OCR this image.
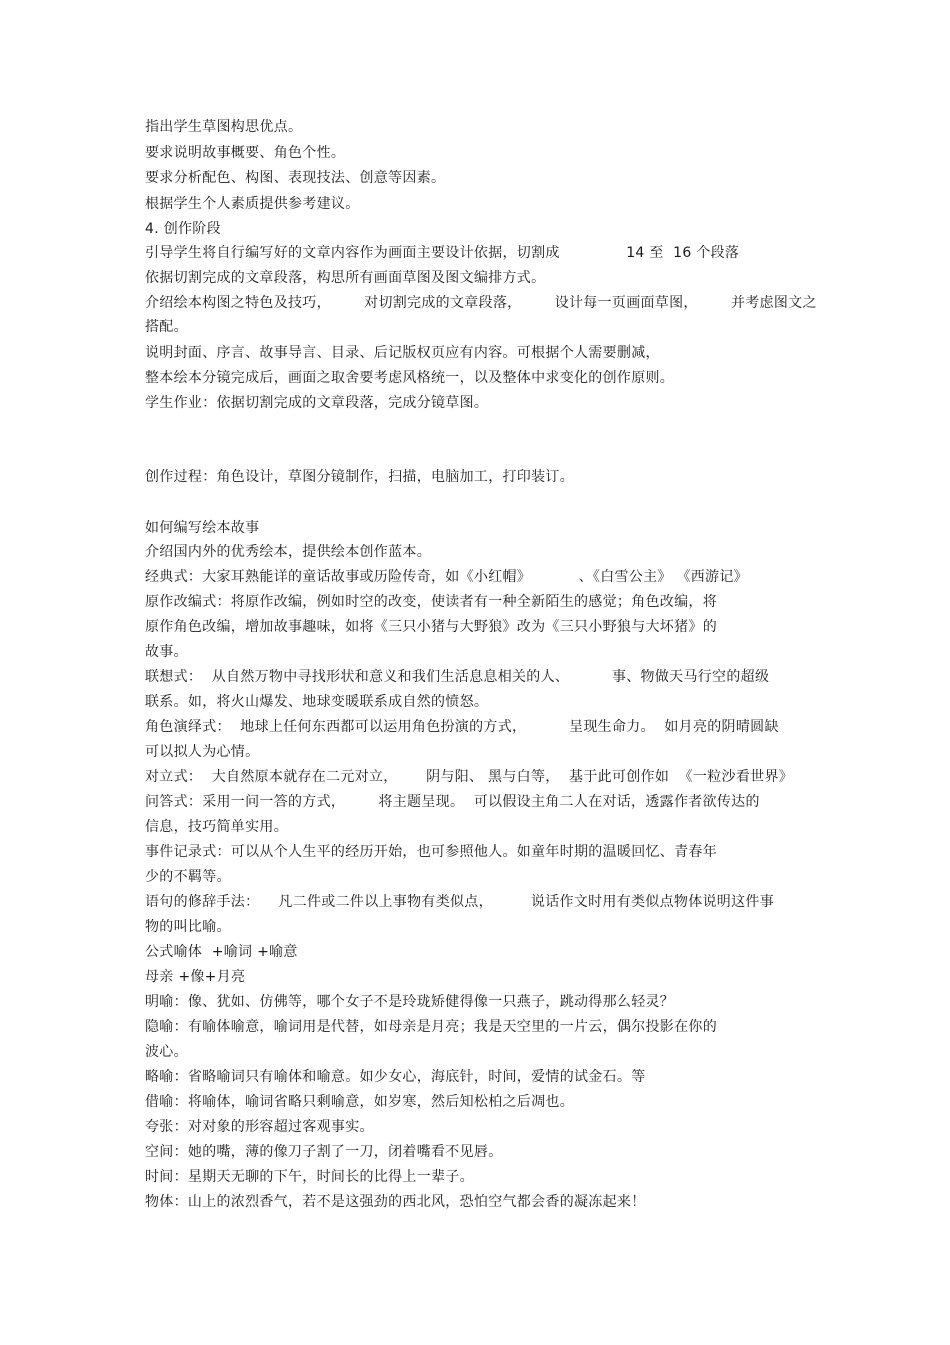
指出学生草图构思优点。
要求说明故事概要、角色个性。
要求分析配色、构图、表现技法、创意等因素。
根据学生个人素质提供参考建议。
4. 创作阶段
引导学生将自行编写好的文章内容作为画面主要设计依据，切割成              14 至  16 个段落
依据切割完成的文章段落，构思所有画面草图及图文编排方式。
介绍绘本构图之特色及技巧，       对切割完成的文章段落，       设计每一页画面草图，       并考虑图文之
搭配。
说明封面、序言、故事导言、目录、后记版权页应有内容。可根据个人需要删减，
整本绘本分镜完成后，画面之取舍要考虑风格统一，以及整体中求变化的创作原则。
学生作业：依据切割完成的文章段落，完成分镜草图。
创作过程：角色设计，草图分镜制作，扫描，电脑加工，打印装订。
如何编写绘本故事
介绍国内外的优秀绘本，提供绘本创作蓝本。
经典式：大家耳熟能详的童话故事或历险传奇，如《小红帽》          、《白雪公主》 《西游记》
原作改编式：将原作改编，例如时空的改变，使读者有一种全新陌生的感觉；角色改编，将
原作角色改编，增加故事趣味，如将《三只小猪与大野狼》改为《三只小野狼与大坏猪》的
故事。
联想式：  从自然万物中寻找形状和意义和我们生活息息相关的人、         事、物做天马行空的超级
联系。如，将火山爆发、地球变暖联系成自然的愤怒。
角色演绎式：  地球上任何东西都可以运用角色扮演的方式，         呈现生命力。  如月亮的阴晴圆缺
可以拟人为心情。
对立式：  大自然原本就存在二元对立，      阴与阳、 黑与白等，  基于此可创作如  《一粒沙看世界》
问答式：采用一问一答的方式，       将主题呈现。  可以假设主角二人在对话，透露作者欲传达的
信息，技巧简单实用。
事件记录式：可以从个人生平的经历开始，也可参照他人。如童年时期的温暖回忆、青春年
少的不羁等。
语句的修辞手法：    凡二件或二件以上事物有类似点，        说话作文时用有类似点物体说明这件事
物的叫比喻。
公式喻体  +喻词 +喻意
母亲 +像+月亮
明喻：像、犹如、仿佛等，哪个女子不是玲珑矫健得像一只燕子，跳动得那么轻灵？
隐喻：有喻体喻意，喻词用是代替，如母亲是月亮；我是天空里的一片云，偶尔投影在你的
波心。
略喻：省略喻词只有喻体和喻意。如少女心，海底针，时间，爱情的试金石。等
借喻：将喻体，喻词省略只剩喻意，如岁寒，然后知松柏之后凋也。
夸张：对对象的形容超过客观事实。
空间：她的嘴，薄的像刀子割了一刀，闭着嘴看不见唇。
时间：星期天无聊的下午，时间长的比得上一辈子。
物体：山上的浓烈香气，若不是这强劲的西北风，恐怕空气都会香的凝冻起来！
